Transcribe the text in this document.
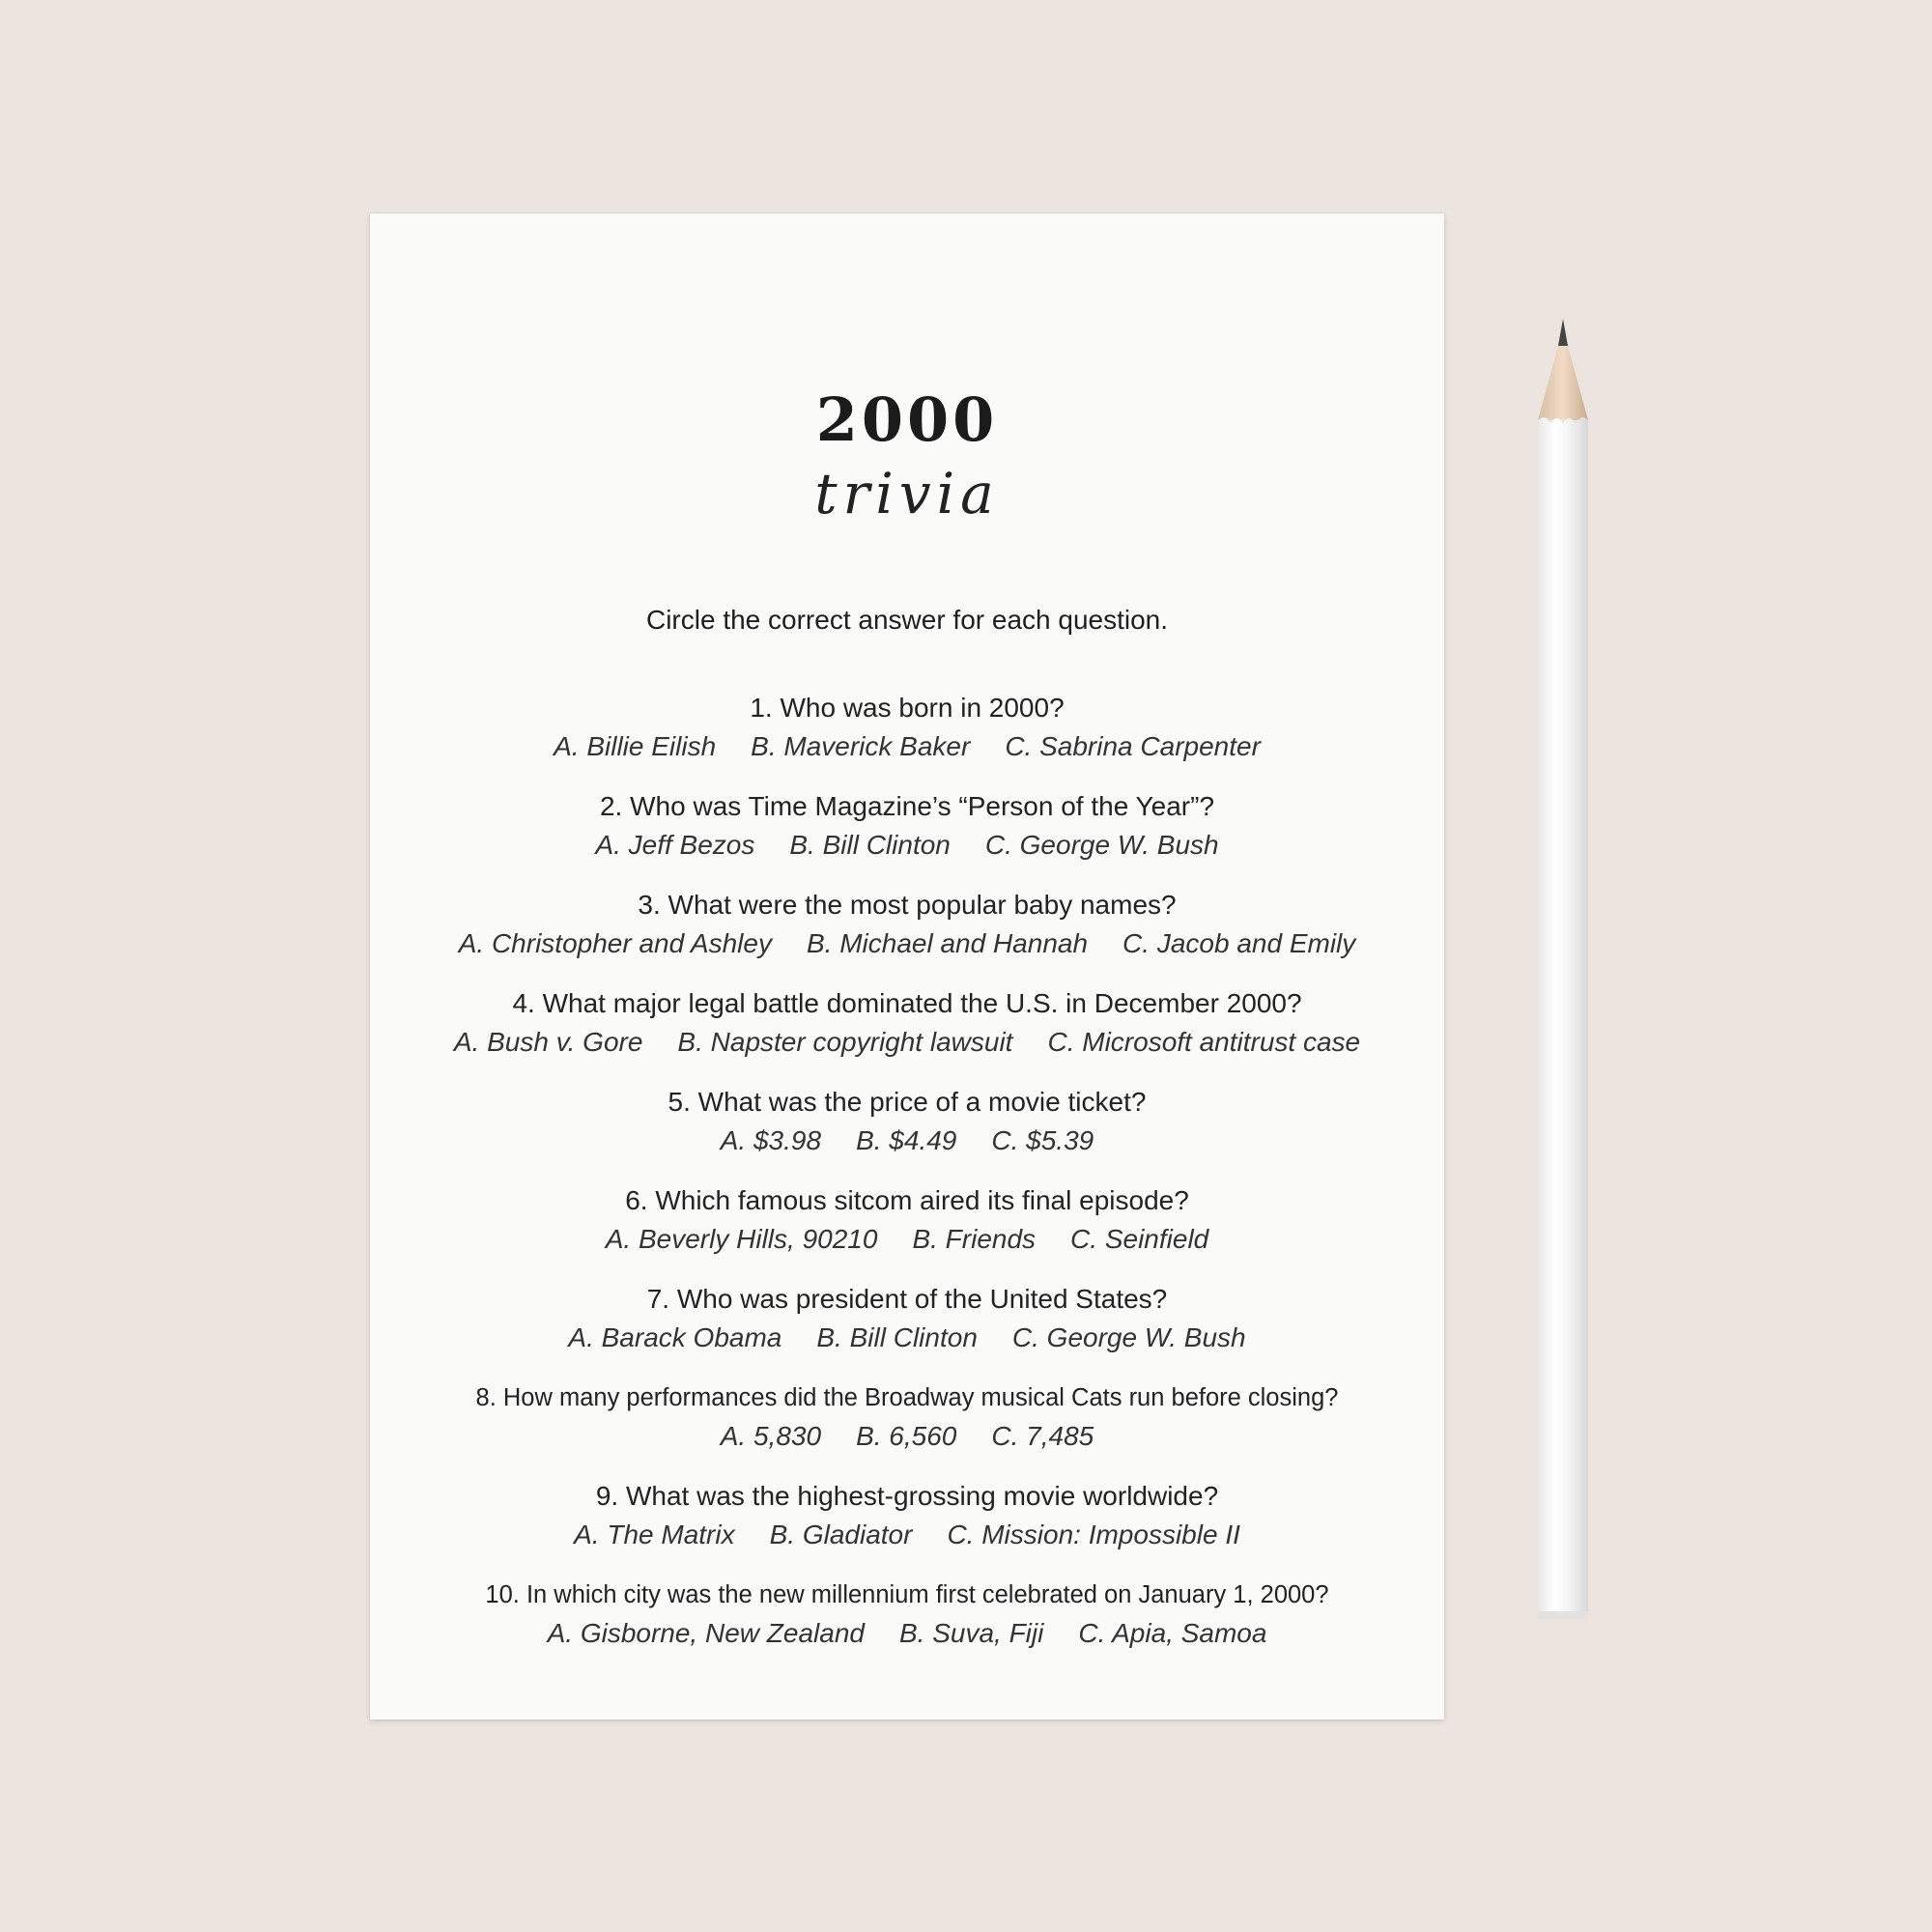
2000
trivia
Circle the correct answer for each question.
1. Who was born in 2000?
A. Billie Eilish B. Maverick Baker C. Sabrina Carpenter
2. Who was Time Magazine’s “Person of the Year”?
A. Jeff Bezos B. Bill Clinton C. George W. Bush
3. What were the most popular baby names?
A. Christopher and Ashley B. Michael and Hannah C. Jacob and Emily
4. What major legal battle dominated the U.S. in December 2000?
A. Bush v. Gore B. Napster copyright lawsuit C. Microsoft antitrust case
5. What was the price of a movie ticket?
A. $3.98 B. $4.49 C. $5.39
6. Which famous sitcom aired its final episode?
A. Beverly Hills, 90210 B. Friends C. Seinfield
7. Who was president of the United States?
A. Barack Obama B. Bill Clinton C. George W. Bush
8. How many performances did the Broadway musical Cats run before closing?
A. 5,830 B. 6,560 C. 7,485
9. What was the highest-grossing movie worldwide?
A. The Matrix B. Gladiator C. Mission: Impossible II
10. In which city was the new millennium first celebrated on January 1, 2000?
A. Gisborne, New Zealand B. Suva, Fiji C. Apia, Samoa
